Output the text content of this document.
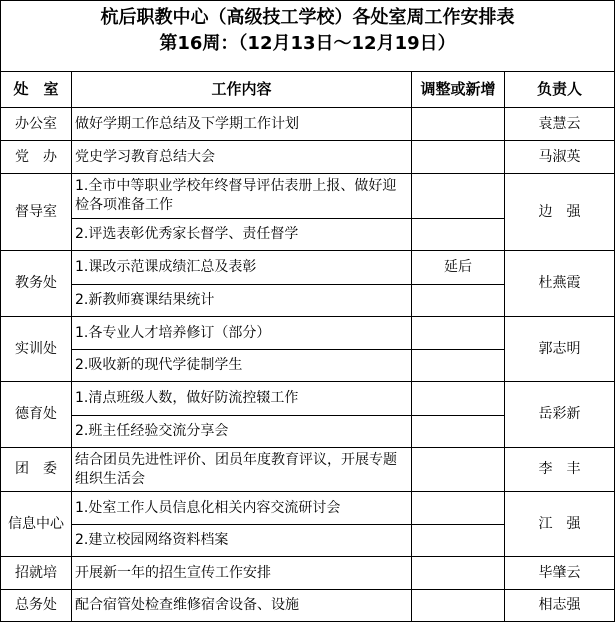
杭后职教中心（高级技工学校）各处室周工作安排表
第16周：（12月13日～12月19日）			

处　室	工作内容	调整或新增	负责人
办公室	做好学期工作总结及下学期工作计划		袁慧云
党　办	党史学习教育总结大会		马淑英
督导室	1.全市中等职业学校年终督导评估表册上报、做好迎检各项准备工作		边　强
	2.评选表彰优秀家长督学、责任督学		
教务处	1.课改示范课成绩汇总及表彰	延后	杜燕霞
	2.新教师赛课结果统计		
实训处	1.各专业人才培养修订（部分）		郭志明
	2.吸收新的现代学徒制学生		
德育处	1.清点班级人数，做好防流控辍工作		岳彩新
	2.班主任经验交流分享会		
团　委	结合团员先进性评价、团员年度教育评议，开展专题组织生活会		李　丰
信息中心	1.处室工作人员信息化相关内容交流研讨会		江　强
	2.建立校园网络资料档案		
招就培	开展新一年的招生宣传工作安排		毕肇云
总务处	配合宿管处检查维修宿舍设备、设施		相志强
